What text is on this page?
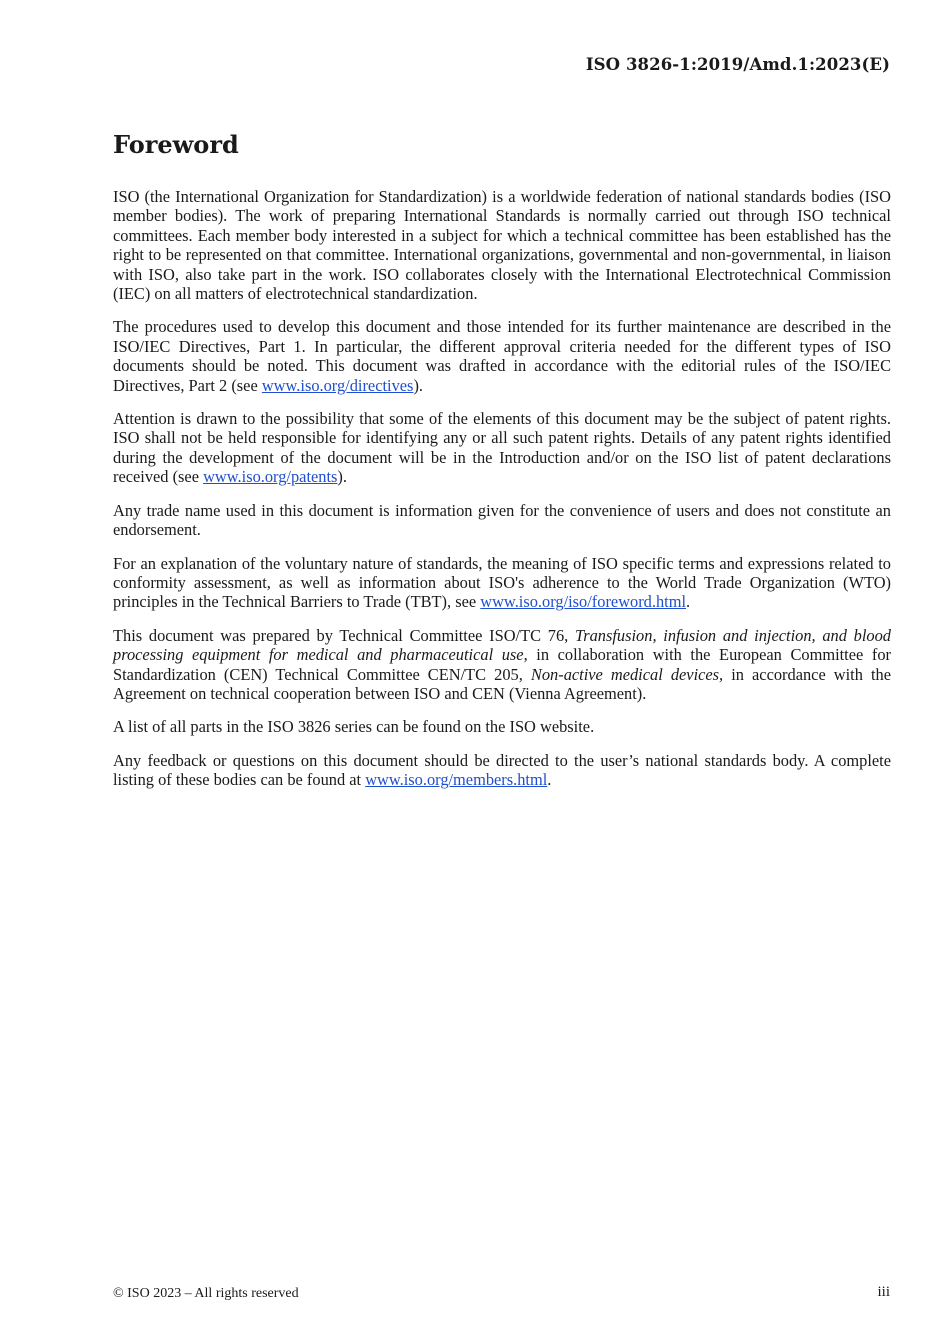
ISO 3826-1:2019/Amd.1:2023(E)
Foreword

ISO (the International Organization for Standardization) is a worldwide federation of national standards bodies (ISO member bodies). The work of preparing International Standards is normally carried out through ISO technical committees. Each member body interested in a subject for which a technical committee has been established has the right to be represented on that committee. International organizations, governmental and non-governmental, in liaison with ISO, also take part in the work. ISO collaborates closely with the International Electrotechnical Commission (IEC) on all matters of electrotechnical standardization.

The procedures used to develop this document and those intended for its further maintenance are described in the ISO/IEC Directives, Part 1. In particular, the different approval criteria needed for the different types of ISO documents should be noted. This document was drafted in accordance with the editorial rules of the ISO/IEC Directives, Part 2 (see www.iso.org/directives).

Attention is drawn to the possibility that some of the elements of this document may be the subject of patent rights. ISO shall not be held responsible for identifying any or all such patent rights. Details of any patent rights identified during the development of the document will be in the Introduction and/or on the ISO list of patent declarations received (see www.iso.org/patents).

Any trade name used in this document is information given for the convenience of users and does not constitute an endorsement.

For an explanation of the voluntary nature of standards, the meaning of ISO specific terms and expressions related to conformity assessment, as well as information about ISO's adherence to the World Trade Organization (WTO) principles in the Technical Barriers to Trade (TBT), see www.iso.org/iso/foreword.html.

This document was prepared by Technical Committee ISO/TC 76, Transfusion, infusion and injection, and blood processing equipment for medical and pharmaceutical use, in collaboration with the European Committee for Standardization (CEN) Technical Committee CEN/TC 205, Non-active medical devices, in accordance with the Agreement on technical cooperation between ISO and CEN (Vienna Agreement).

A list of all parts in the ISO 3826 series can be found on the ISO website.

Any feedback or questions on this document should be directed to the user’s national standards body. A complete listing of these bodies can be found at www.iso.org/members.html.

© ISO 2023 – All rights reserved	iii
